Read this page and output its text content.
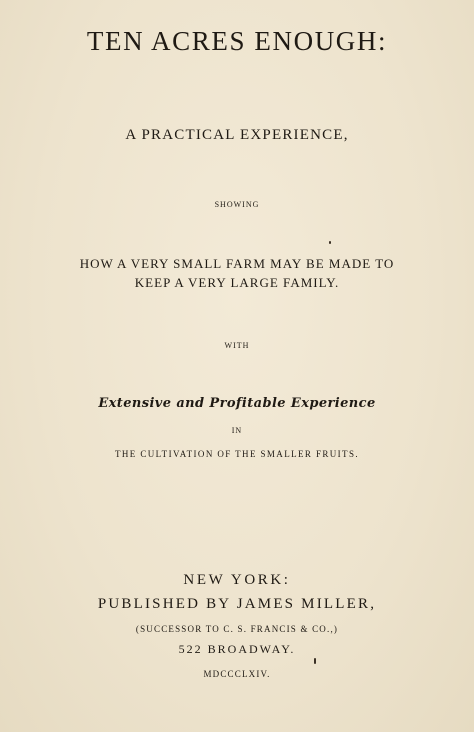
TEN ACRES ENOUGH:
A PRACTICAL EXPERIENCE,
SHOWING
HOW A VERY SMALL FARM MAY BE MADE TO
KEEP A VERY LARGE FAMILY.
WITH
Extensive and Profitable Experience
IN
THE CULTIVATION OF THE SMALLER FRUITS.
NEW YORK:
PUBLISHED BY JAMES MILLER,
(SUCCESSOR TO C. S. FRANCIS & CO.,)
522 BROADWAY.
MDCCCLXIV.
